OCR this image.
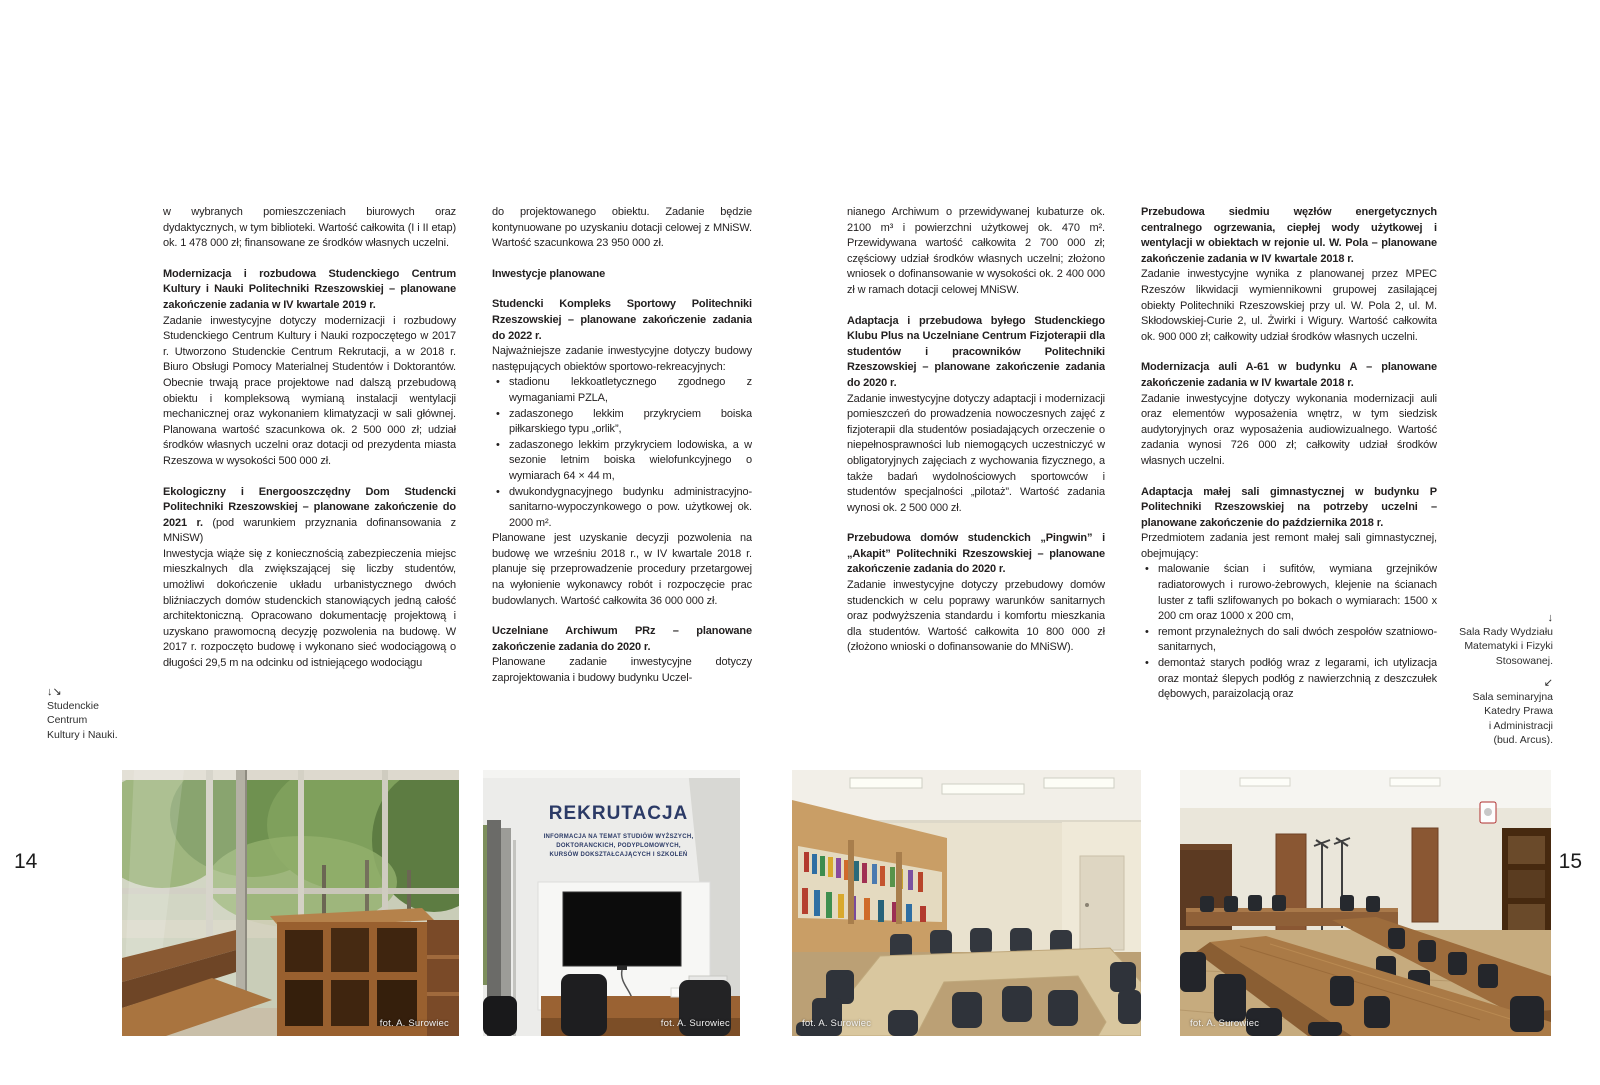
w wybranych pomieszczeniach biurowych oraz dydaktycznych, w tym biblioteki. Wartość całkowita (I i II etap) ok. 1 478 000 zł; finansowane ze środków własnych uczelni.

Modernizacja i rozbudowa Studenckiego Centrum Kultury i Nauki Politechniki Rzeszowskiej – planowane zakończenie zadania w IV kwartale 2019 r.

Zadanie inwestycyjne dotyczy modernizacji i rozbudowy Studenckiego Centrum Kultury i Nauki rozpoczętego w 2017 r. Utworzono Studenckie Centrum Rekrutacji, a w 2018 r. Biuro Obsługi Pomocy Materialnej Studentów i Doktorantów. Obecnie trwają prace projektowe nad dalszą przebudową obiektu i kompleksową wymianą instalacji wentylacji mechanicznej oraz wykonaniem klimatyzacji w sali głównej. Planowana wartość szacunkowa ok. 2 500 000 zł; udział środków własnych uczelni oraz dotacji od prezydenta miasta Rzeszowa w wysokości 500 000 zł.

Ekologiczny i Energooszczędny Dom Studencki Politechniki Rzeszowskiej – planowane zakończenie do 2021 r. (pod warunkiem przyznania dofinansowania z MNiSW)

Inwestycja wiąże się z koniecznością zabezpieczenia miejsc mieszkalnych dla zwiększającej się liczby studentów, umożliwi dokończenie układu urbanistycznego dwóch bliźniaczych domów studenckich stanowiących jedną całość architektoniczną. Opracowano dokumentację projektową i uzyskano prawomocną decyzję pozwolenia na budowę. W 2017 r. rozpoczęto budowę i wykonano sieć wodociągową o długości 29,5 m na odcinku od istniejącego wodociągu

do projektowanego obiektu. Zadanie będzie kontynuowane po uzyskaniu dotacji celowej z MNiSW. Wartość szacunkowa 23 950 000 zł.

Inwestycje planowane

Studencki Kompleks Sportowy Politechniki Rzeszowskiej – planowane zakończenie zadania do 2022 r.

Najważniejsze zadanie inwestycyjne dotyczy budowy następujących obiektów sportowo-rekreacyjnych:

• stadionu lekkoatletycznego zgodnego z wymaganiami PZLA,
• zadaszonego lekkim przykryciem boiska piłkarskiego typu „orlik”,
• zadaszonego lekkim przykryciem lodowiska, a w sezonie letnim boiska wielofunkcyjnego o wymiarach 64 × 44 m,
• dwukondygnacyjnego budynku administracyjno-sanitarno-wypoczynkowego o pow. użytkowej ok. 2000 m².

Planowane jest uzyskanie decyzji pozwolenia na budowę we wrześniu 2018 r., w IV kwartale 2018 r. planuje się przeprowadzenie procedury przetargowej na wyłonienie wykonawcy robót i rozpoczęcie prac budowlanych. Wartość całkowita 36 000 000 zł.

Uczelniane Archiwum PRz – planowane zakończenie zadania do 2020 r.

Planowane zadanie inwestycyjne dotyczy zaprojektowania i budowy budynku Uczel-

nianego Archiwum o przewidywanej kubaturze ok. 2100 m³ i powierzchni użytkowej ok. 470 m². Przewidywana wartość całkowita 2 700 000 zł; częściowy udział środków własnych uczelni; złożono wniosek o dofinansowanie w wysokości ok. 2 400 000 zł w ramach dotacji celowej MNiSW.

Adaptacja i przebudowa byłego Studenckiego Klubu Plus na Uczelniane Centrum Fizjoterapii dla studentów i pracowników Politechniki Rzeszowskiej – planowane zakończenie zadania do 2020 r.

Zadanie inwestycyjne dotyczy adaptacji i modernizacji pomieszczeń do prowadzenia nowoczesnych zajęć z fizjoterapii dla studentów posiadających orzeczenie o niepełnosprawności lub niemogących uczestniczyć w obligatoryjnych zajęciach z wychowania fizycznego, a także badań wydolnościowych sportowców i studentów specjalności „pilotaż”. Wartość zadania wynosi ok. 2 500 000 zł.

Przebudowa domów studenckich „Pingwin” i „Akapit” Politechniki Rzeszowskiej – planowane zakończenie zadania do 2020 r.

Zadanie inwestycyjne dotyczy przebudowy domów studenckich w celu poprawy warunków sanitarnych oraz podwyższenia standardu i komfortu mieszkania dla studentów. Wartość całkowita 10 800 000 zł (złożono wnioski o dofinansowanie do MNiSW).

Przebudowa siedmiu węzłów energetycznych centralnego ogrzewania, ciepłej wody użytkowej i wentylacji w obiektach w rejonie ul. W. Pola – planowane zakończenie zadania w IV kwartale 2018 r.

Zadanie inwestycyjne wynika z planowanej przez MPEC Rzeszów likwidacji wymiennikowni grupowej zasilającej obiekty Politechniki Rzeszowskiej przy ul. W. Pola 2, ul. M. Skłodowskiej-Curie 2, ul. Żwirki i Wigury. Wartość całkowita ok. 900 000 zł; całkowity udział środków własnych uczelni.

Modernizacja auli A-61 w budynku A – planowane zakończenie zadania w IV kwartale 2018 r.

Zadanie inwestycyjne dotyczy wykonania modernizacji auli oraz elementów wyposażenia wnętrz, w tym siedzisk audytoryjnych oraz wyposażenia audiowizualnego. Wartość zadania wynosi 726 000 zł; całkowity udział środków własnych uczelni.

Adaptacja małej sali gimnastycznej w budynku P Politechniki Rzeszowskiej na potrzeby uczelni – planowane zakończenie do października 2018 r.

Przedmiotem zadania jest remont małej sali gimnastycznej, obejmujący:

• malowanie ścian i sufitów, wymiana grzejników radiatorowych i rurowo-żebrowych, klejenie na ścianach luster z tafli szlifowanych po bokach o wymiarach: 1500 x 200 cm oraz 1000 x 200 cm,
• remont przynależnych do sali dwóch zespołów szatniowo-sanitarnych,
• demontaż starych podłóg wraz z legarami, ich utylizacja oraz montaż ślepych podłóg z nawierzchnią z deszczułek dębowych, paraizolacją oraz
↓↘
Studenckie
Centrum
Kultury i Nauki.
↓
Sala Rady Wydziału
Matematyki i Fizyki
Stosowanej.
↙
Sala seminaryjna
Katedry Prawa
i Administracji
(bud. Arcus).
14	15
fot. A. Surowiec
REKRUTACJA
INFORMACJA NA TEMAT STUDIÓW WYŻSZYCH,
DOKTORANCKICH, PODYPLOMOWYCH,
KURSÓW DOKSZTAŁCAJĄCYCH I SZKOLEŃ
fot. A. Surowiec	fot. A. Surowiec	fot. A. Surowiec
